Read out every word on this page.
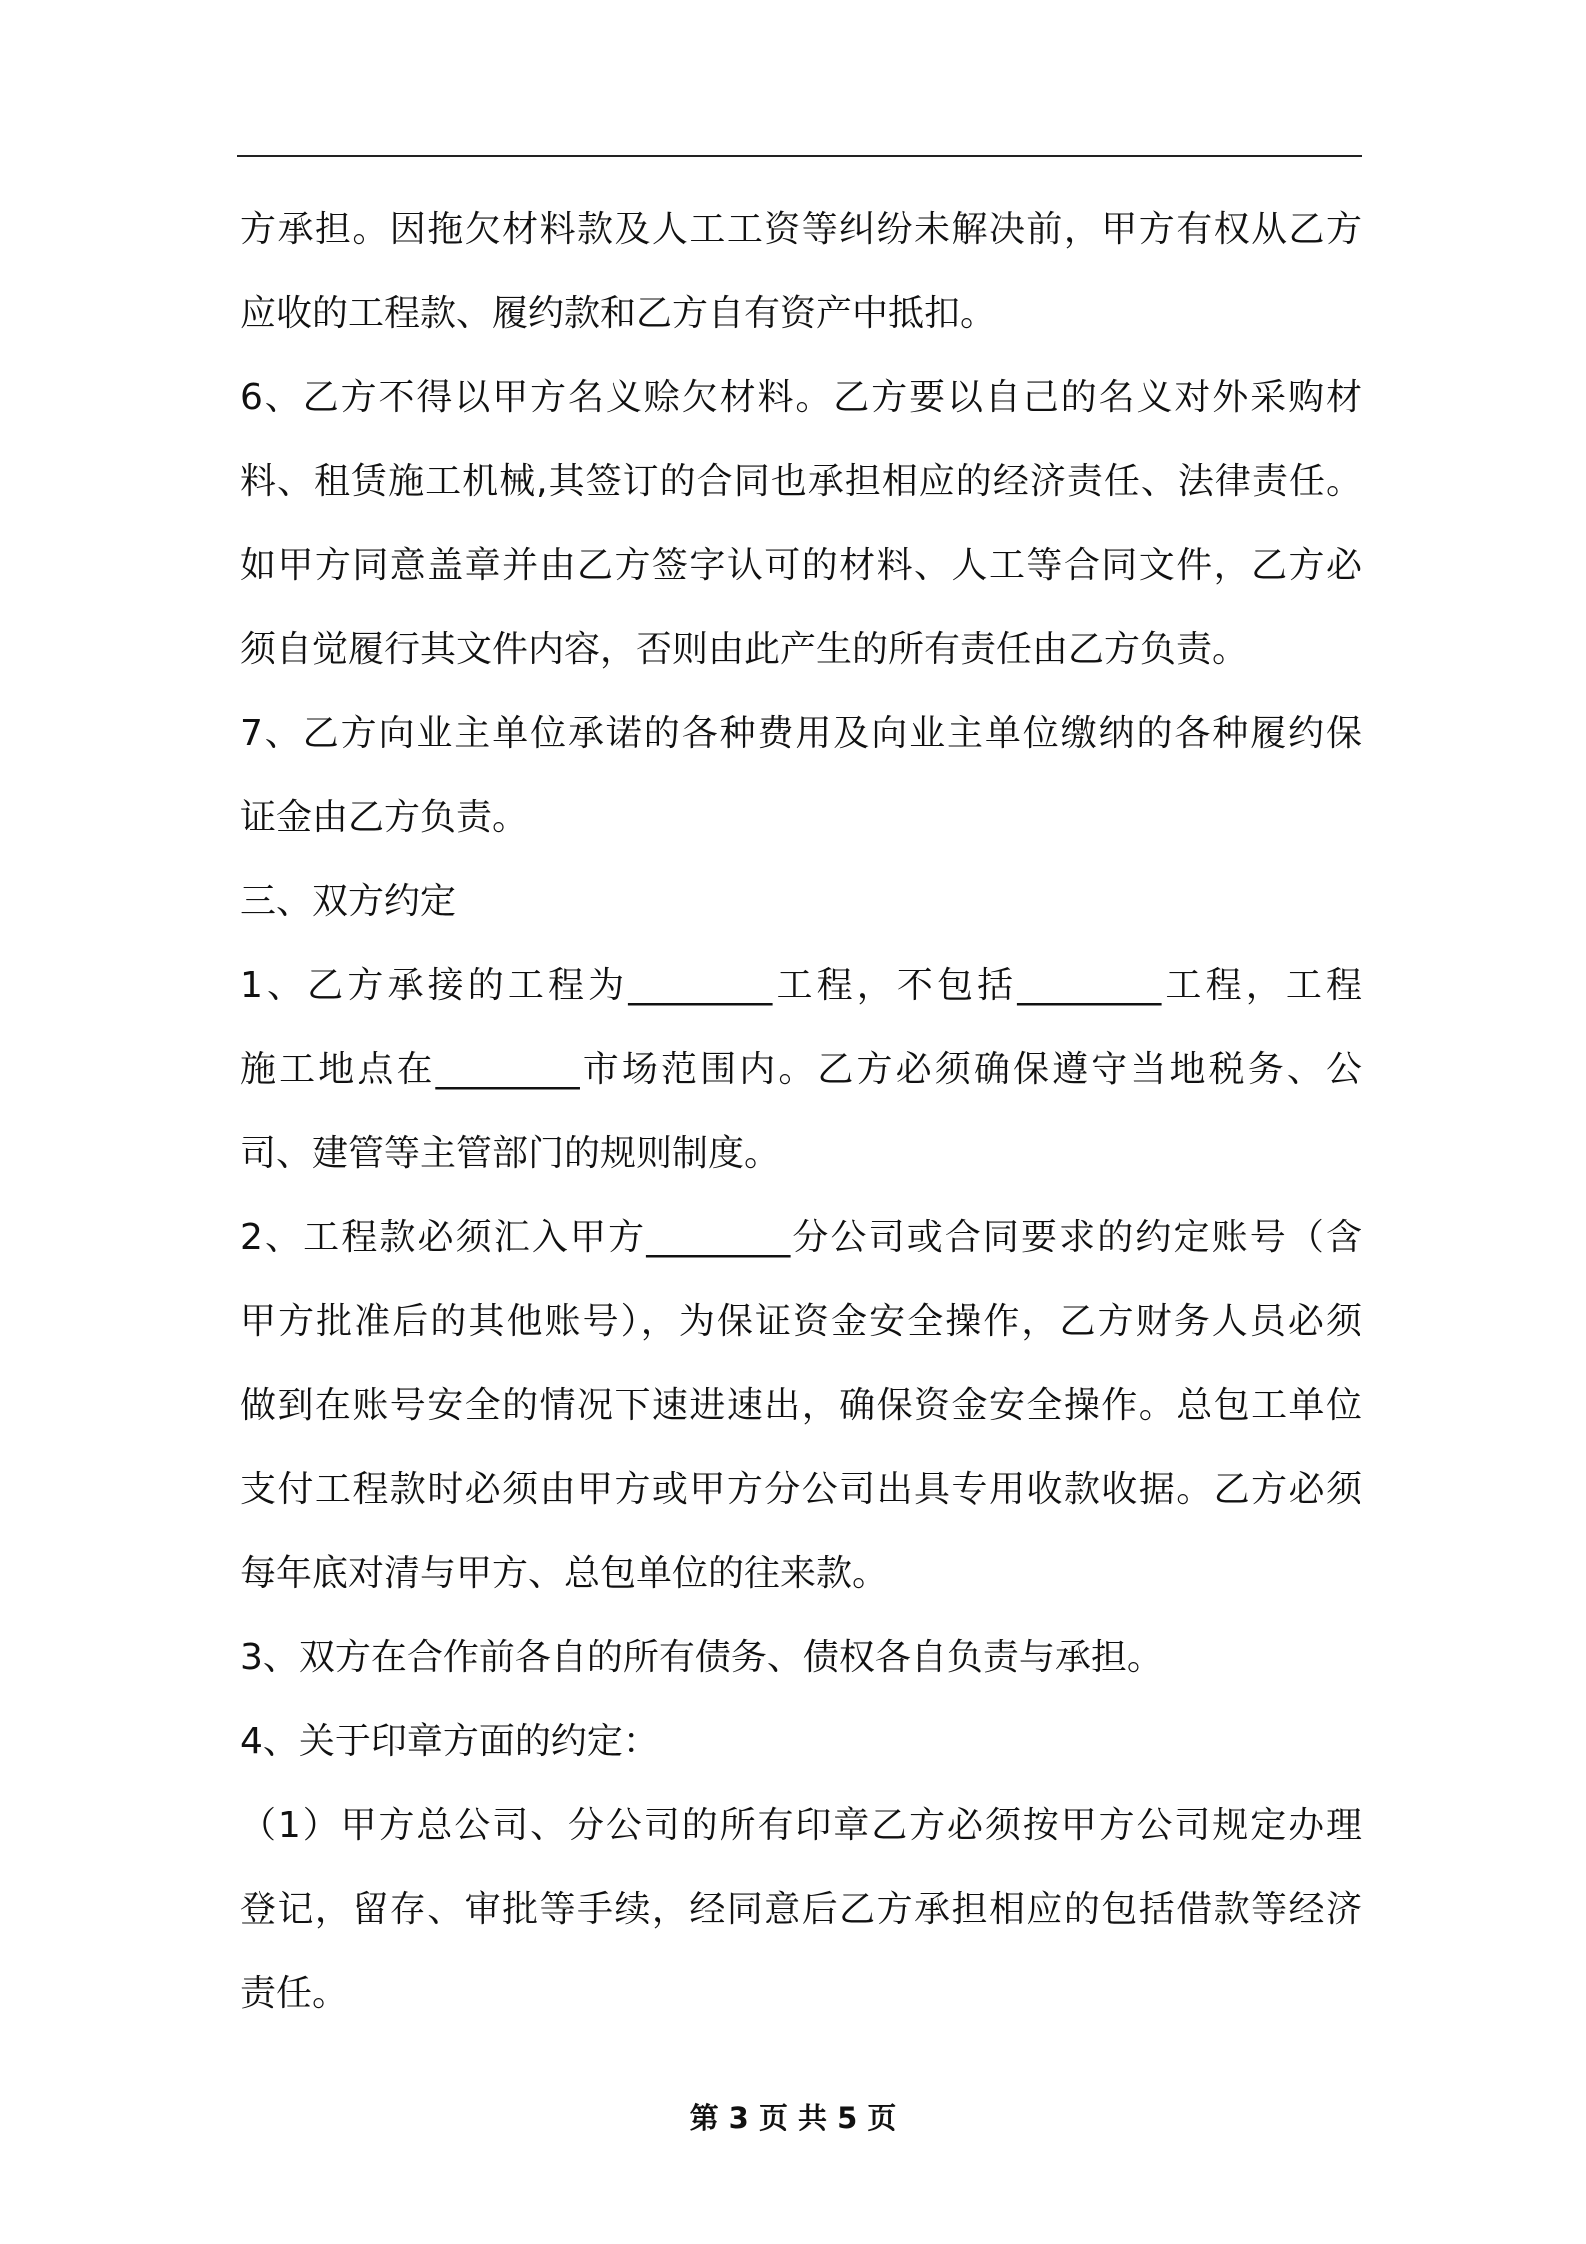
方承担。因拖欠材料款及人工工资等纠纷未解决前，甲方有权从乙方
应收的工程款、履约款和乙方自有资产中抵扣。
6、乙方不得以甲方名义赊欠材料。乙方要以自己的名义对外采购材
料、租赁施工机械,其签订的合同也承担相应的经济责任、法律责任。
如甲方同意盖章并由乙方签字认可的材料、人工等合同文件，乙方必
须自觉履行其文件内容，否则由此产生的所有责任由乙方负责。
7、乙方向业主单位承诺的各种费用及向业主单位缴纳的各种履约保
证金由乙方负责。
三、双方约定
1、乙方承接的工程为________工程，不包括________工程，工程
施工地点在________市场范围内。乙方必须确保遵守当地税务、公
司、建管等主管部门的规则制度。
2、工程款必须汇入甲方________分公司或合同要求的约定账号（含
甲方批准后的其他账号），为保证资金安全操作，乙方财务人员必须
做到在账号安全的情况下速进速出，确保资金安全操作。总包工单位
支付工程款时必须由甲方或甲方分公司出具专用收款收据。乙方必须
每年底对清与甲方、总包单位的往来款。
3、双方在合作前各自的所有债务、债权各自负责与承担。
4、关于印章方面的约定：
（1）甲方总公司、分公司的所有印章乙方必须按甲方公司规定办理
登记，留存、审批等手续，经同意后乙方承担相应的包括借款等经济
责任。
第 3 页 共 5 页
